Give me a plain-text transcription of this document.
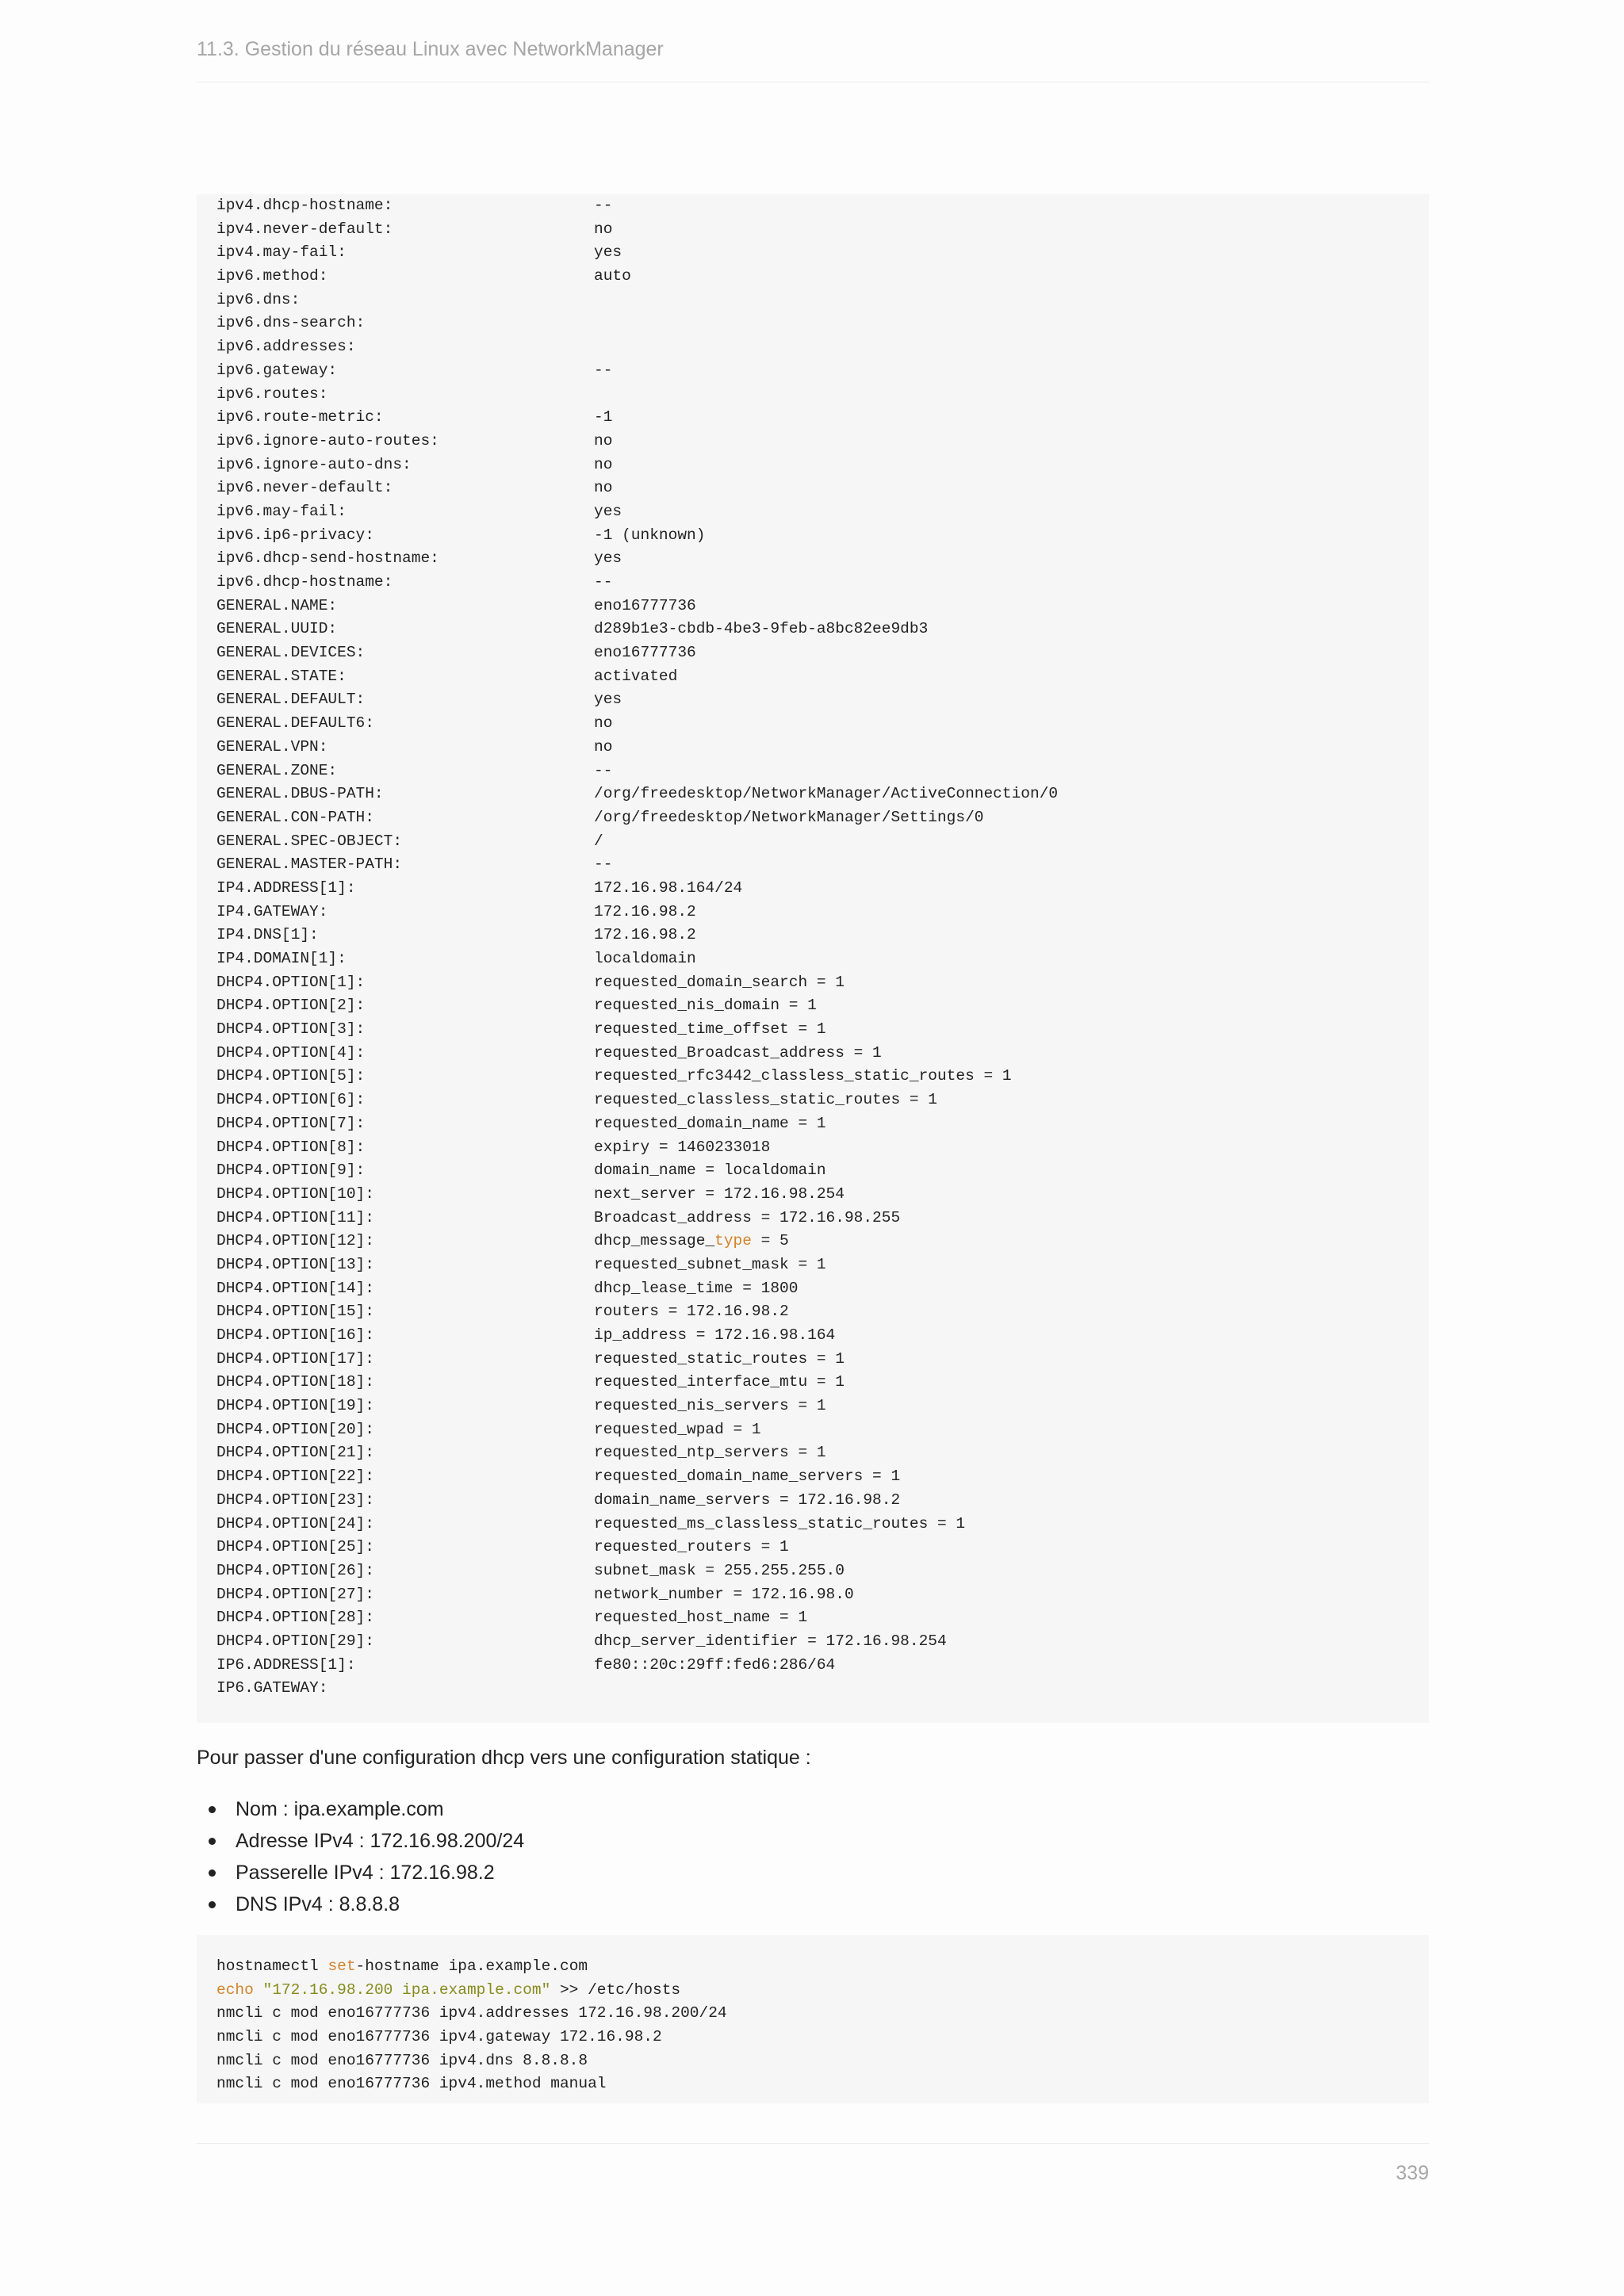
11.3. Gestion du réseau Linux avec NetworkManager
ipv4.dhcp-hostname:	--
ipv4.never-default:	no
ipv4.may-fail:	yes
ipv6.method:	auto
ipv6.dns:
ipv6.dns-search:
ipv6.addresses:
ipv6.gateway:	--
ipv6.routes:
ipv6.route-metric:	-1
ipv6.ignore-auto-routes:	no
ipv6.ignore-auto-dns:	no
ipv6.never-default:	no
ipv6.may-fail:	yes
ipv6.ip6-privacy:	-1 (unknown)
ipv6.dhcp-send-hostname:	yes
ipv6.dhcp-hostname:	--
GENERAL.NAME:	eno16777736
GENERAL.UUID:	d289b1e3-cbdb-4be3-9feb-a8bc82ee9db3
GENERAL.DEVICES:	eno16777736
GENERAL.STATE:	activated
GENERAL.DEFAULT:	yes
GENERAL.DEFAULT6:	no
GENERAL.VPN:	no
GENERAL.ZONE:	--
GENERAL.DBUS-PATH:	/org/freedesktop/NetworkManager/ActiveConnection/0
GENERAL.CON-PATH:	/org/freedesktop/NetworkManager/Settings/0
GENERAL.SPEC-OBJECT:	/
GENERAL.MASTER-PATH:	--
IP4.ADDRESS[1]:	172.16.98.164/24
IP4.GATEWAY:	172.16.98.2
IP4.DNS[1]:	172.16.98.2
IP4.DOMAIN[1]:	localdomain
DHCP4.OPTION[1]:	requested_domain_search = 1
DHCP4.OPTION[2]:	requested_nis_domain = 1
DHCP4.OPTION[3]:	requested_time_offset = 1
DHCP4.OPTION[4]:	requested_Broadcast_address = 1
DHCP4.OPTION[5]:	requested_rfc3442_classless_static_routes = 1
DHCP4.OPTION[6]:	requested_classless_static_routes = 1
DHCP4.OPTION[7]:	requested_domain_name = 1
DHCP4.OPTION[8]:	expiry = 1460233018
DHCP4.OPTION[9]:	domain_name = localdomain
DHCP4.OPTION[10]:	next_server = 172.16.98.254
DHCP4.OPTION[11]:	Broadcast_address = 172.16.98.255
DHCP4.OPTION[12]:	dhcp_message_type = 5
DHCP4.OPTION[13]:	requested_subnet_mask = 1
DHCP4.OPTION[14]:	dhcp_lease_time = 1800
DHCP4.OPTION[15]:	routers = 172.16.98.2
DHCP4.OPTION[16]:	ip_address = 172.16.98.164
DHCP4.OPTION[17]:	requested_static_routes = 1
DHCP4.OPTION[18]:	requested_interface_mtu = 1
DHCP4.OPTION[19]:	requested_nis_servers = 1
DHCP4.OPTION[20]:	requested_wpad = 1
DHCP4.OPTION[21]:	requested_ntp_servers = 1
DHCP4.OPTION[22]:	requested_domain_name_servers = 1
DHCP4.OPTION[23]:	domain_name_servers = 172.16.98.2
DHCP4.OPTION[24]:	requested_ms_classless_static_routes = 1
DHCP4.OPTION[25]:	requested_routers = 1
DHCP4.OPTION[26]:	subnet_mask = 255.255.255.0
DHCP4.OPTION[27]:	network_number = 172.16.98.0
DHCP4.OPTION[28]:	requested_host_name = 1
DHCP4.OPTION[29]:	dhcp_server_identifier = 172.16.98.254
IP6.ADDRESS[1]:	fe80::20c:29ff:fed6:286/64
IP6.GATEWAY:
Pour passer d'une configuration dhcp vers une configuration statique :
Nom : ipa.example.com
Adresse IPv4 : 172.16.98.200/24
Passerelle IPv4 : 172.16.98.2
DNS IPv4 : 8.8.8.8
hostnamectl set -hostname ipa.example.com
echo "172.16.98.200 ipa.example.com" >> /etc/hosts
nmcli c mod eno16777736 ipv4.addresses 172.16.98.200/24
nmcli c mod eno16777736 ipv4.gateway 172.16.98.2
nmcli c mod eno16777736 ipv4.dns 8.8.8.8
nmcli c mod eno16777736 ipv4.method manual
339
